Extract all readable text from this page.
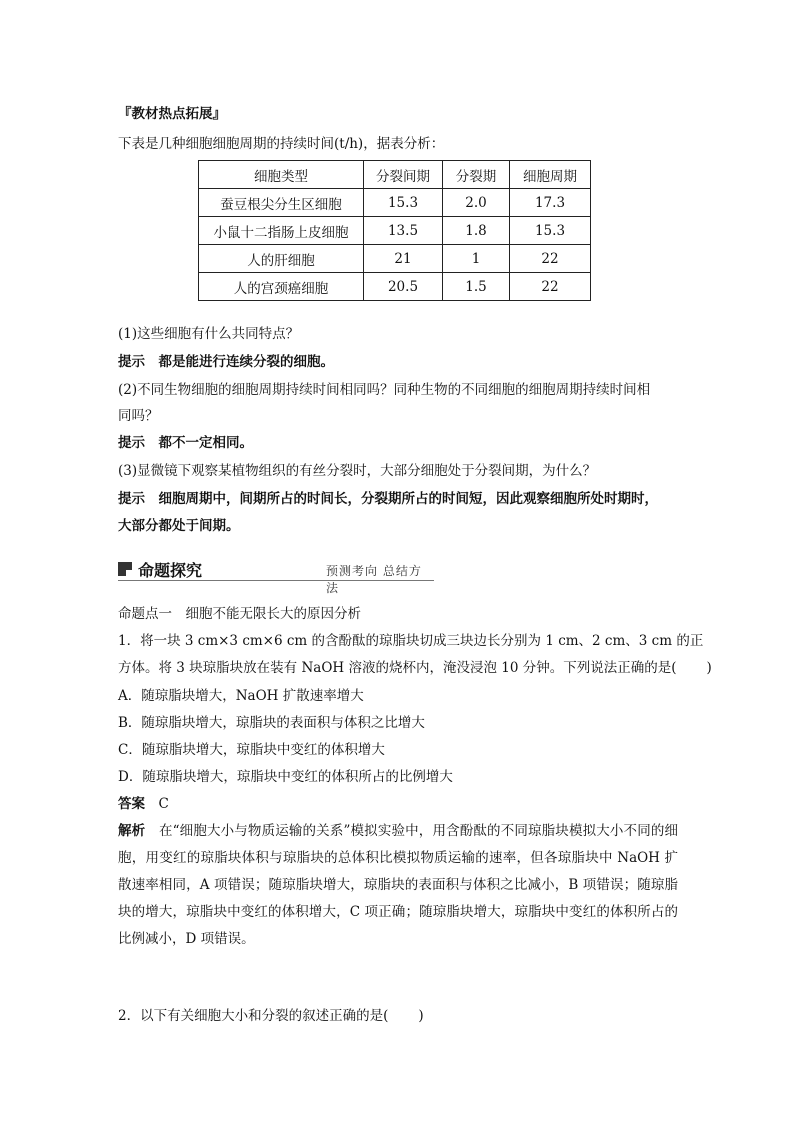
『教材热点拓展』
下表是几种细胞细胞周期的持续时间(t/h)，据表分析：
细胞类型	分裂间期	分裂期	细胞周期
蚕豆根尖分生区细胞	15.3	2.0	17.3
小鼠十二指肠上皮细胞	13.5	1.8	15.3
人的肝细胞	21	1	22
人的宫颈癌细胞	20.5	1.5	22
(1)这些细胞有什么共同特点？
提示　 都是能进行连续分裂的细胞。
(2)不同生物细胞的细胞周期持续时间相同吗？同种生物的不同细胞的细胞周期持续时间相
同吗？
提示　 都不一定相同。
(3)显微镜下观察某植物组织的有丝分裂时，大部分细胞处于分裂间期，为什么？
提示　 细胞周期中，间期所占的时间长，分裂期所占的时间短，因此观察细胞所处时期时，
大部分都处于间期。
命题探究	预测考向 总结方法
命题点一　细胞不能无限长大的原因分析
1．将一块 3 cm×3 cm×6 cm 的含酚酞的琼脂块切成三块边长分别为 1 cm、2 cm、3 cm 的正
方体。将 3 块琼脂块放在装有 NaOH 溶液的烧杯内，淹没浸泡 10 分钟。下列说法正确的是( )
A．随琼脂块增大，NaOH 扩散速率增大
B．随琼脂块增大，琼脂块的表面积与体积之比增大
C．随琼脂块增大，琼脂块中变红的体积增大
D．随琼脂块增大，琼脂块中变红的体积所占的比例增大
答案　 C
解析　 在“细胞大小与物质运输的关系”模拟实验中，用含酚酞的不同琼脂块模拟大小不同的细胞，用变红的琼脂块体积与琼脂块的总体积比模拟物质运输的速率，但各琼脂块中 NaOH 扩散速率相同，A 项错误；随琼脂块增大，琼脂块的表面积与体积之比减小，B 项错误；随琼脂块的增大，琼脂块中变红的体积增大，C 项正确；随琼脂块增大，琼脂块中变红的体积所占的比例减小，D 项错误。
2．以下有关细胞大小和分裂的叙述正确的是( )
